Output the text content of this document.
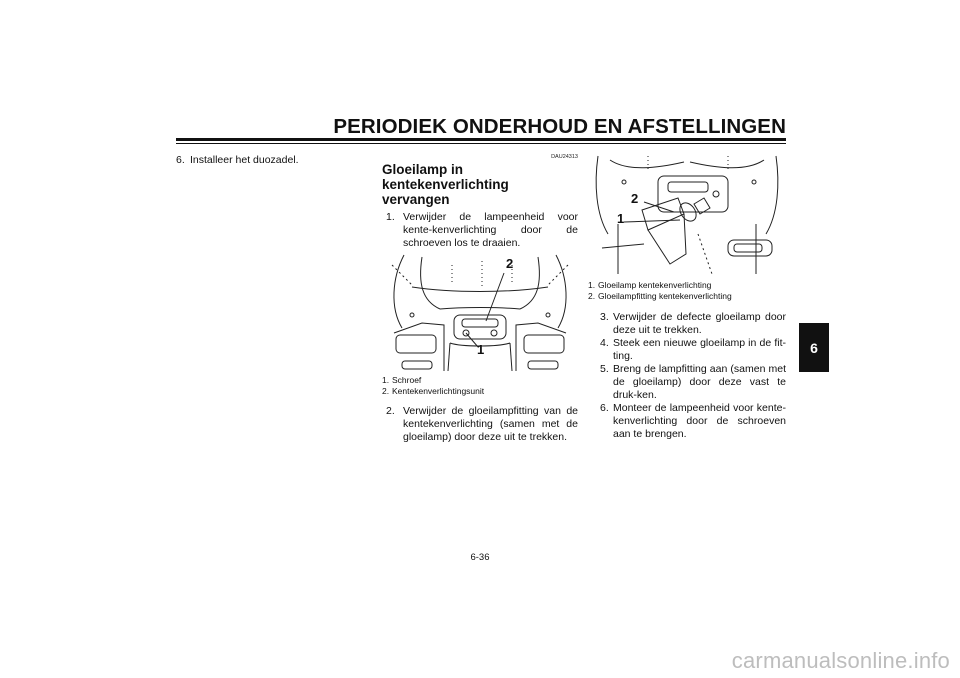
PERIODIEK ONDERHOUD EN AFSTELLINGEN
6
6. Installeer het duozadel.	DAU24313
Gloeilamp in kentekenverlichting vervangen
1. Verwijder de lampeenheid voor kente-kenverlichting door de schroeven los te draaien.
2
1
1. Schroef
2. Kentekenverlichtingsunit
2. Verwijder de gloeilampfitting van de kentekenverlichting (samen met de gloeilamp) door deze uit te trekken.
2
1
1. Gloeilamp kentekenverlichting
2. Gloeilampfitting kentekenverlichting
3. Verwijder de defecte gloeilamp door deze uit te trekken.
4. Steek een nieuwe gloeilamp in de fit-ting.
5. Breng de lampfitting aan (samen met de gloeilamp) door deze vast te druk-ken.
6. Monteer de lampeenheid voor kente-kenverlichting door de schroeven aan te brengen.
6-36
carmanualsonline.info
